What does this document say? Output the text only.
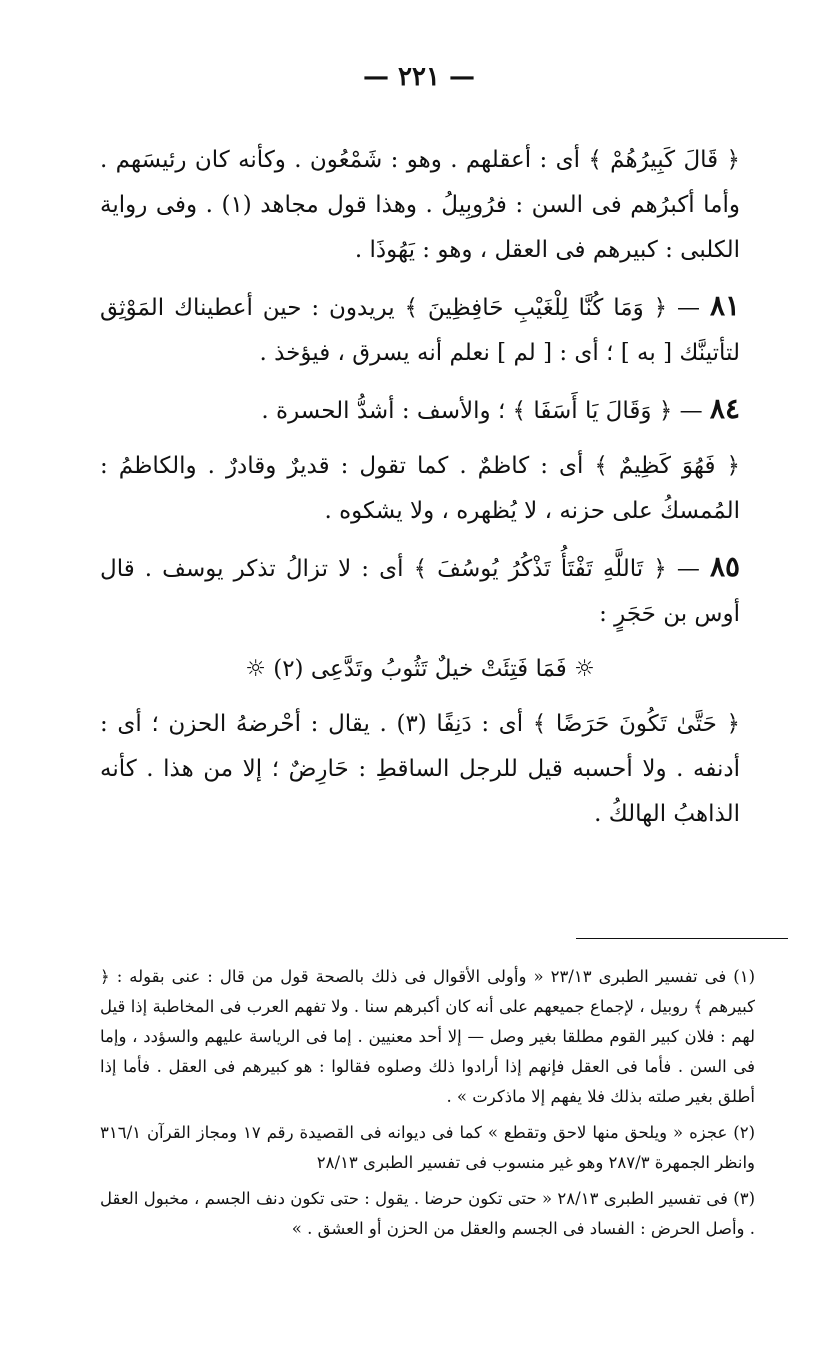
— ٢٢١ —

﴿ قَالَ كَبِيرُهُمْ ﴾ أى : أعقلهم . وهو : شَمْعُون . وكأنه كان رئيسَهم . وأما أكبرُهم فى السن : فرُوبِيلُ . وهذا قول مجاهد (١) . وفى رواية الكلبى : كبيرهم فى العقل ، وهو : يَهُوذَا .

٨١ — ﴿ وَمَا كُنَّا لِلْغَيْبِ حَافِظِينَ ﴾ يريدون : حين أعطيناك المَوْثِق لتأتينَّك [ به ] ؛ أى : [ لم ] نعلم أنه يسرق ، فيؤخذ .

٨٤ — ﴿ وَقَالَ يَا أَسَفَا ﴾ ؛ والأسف : أشدُّ الحسرة .

﴿ فَهُوَ كَظِيمٌ ﴾ أى : كاظمٌ . كما تقول : قديرٌ وقادرٌ . والكاظمُ : المُمسكُ على حزنه ، لا يُظهره ، ولا يشكوه .

٨٥ — ﴿ تَاللَّهِ تَفْتَأُ تَذْكُرُ يُوسُفَ ﴾ أى : لا تزالُ تذكر يوسف . قال أوس بن حَجَرٍ :

☼ فَمَا فَتِئَتْ خيلٌ تَثُوبُ وتَدَّعِى (٢) ☼

﴿ حَتَّىٰ تَكُونَ حَرَضًا ﴾ أى : دَنِفًا (٣) . يقال : أحْرضهُ الحزن ؛ أى : أدنفه . ولا أحسبه قيل للرجل الساقطِ : حَارِضٌ ؛ إلا من هذا . كأنه الذاهبُ الهالكُ .

(١) فى تفسير الطبرى ٢٣/١٣ « وأولى الأقوال فى ذلك بالصحة قول من قال : عنى بقوله : ﴿ كبيرهم ﴾ روبيل ، لإجماع جميعهم على أنه كان أكبرهم سنا . ولا تفهم العرب فى المخاطبة إذا قيل لهم : فلان كبير القوم مطلقا بغير وصل — إلا أحد معنيين . إما فى الرياسة عليهم والسؤدد ، وإما فى السن . فأما فى العقل فإنهم إذا أرادوا ذلك وصلوه فقالوا : هو كبيرهم فى العقل . فأما إذا أطلق بغير صلته بذلك فلا يفهم إلا ماذكرت » .

(٢) عجزه « ويلحق منها لاحق وتقطع » كما فى ديوانه فى القصيدة رقم ١٧ ومجاز القرآن ٣١٦/١ وانظر الجمهرة ٢٨٧/٣ وهو غير منسوب فى تفسير الطبرى ٢٨/١٣

(٣) فى تفسير الطبرى ٢٨/١٣ « حتى تكون حرضا . يقول : حتى تكون دنف الجسم ، مخبول العقل . وأصل الحرض : الفساد فى الجسم والعقل من الحزن أو العشق . »
